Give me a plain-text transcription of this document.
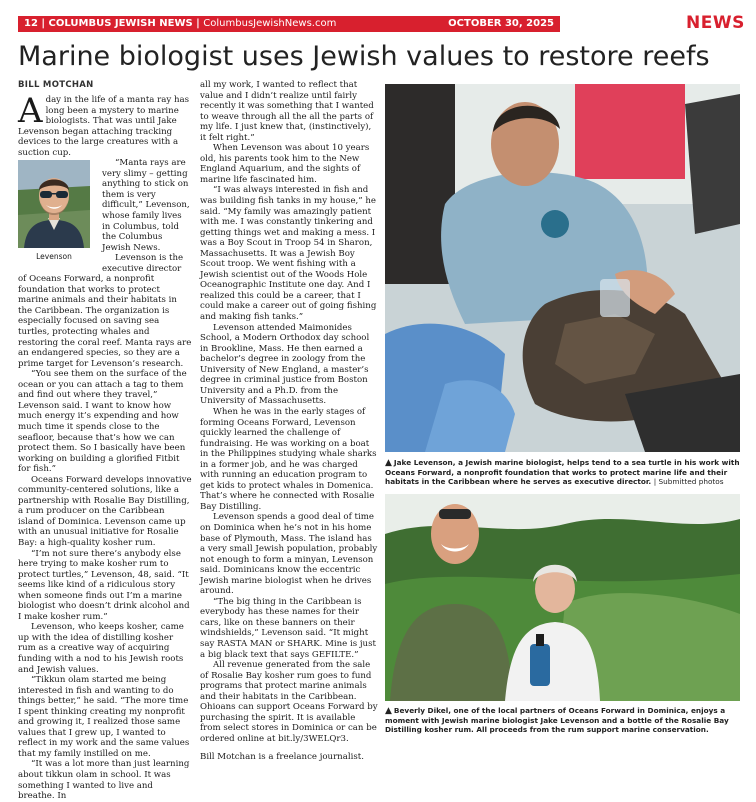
12 | COLUMBUS JEWISH NEWS | ColumbusJewishNews.com	OCTOBER 30, 2025	NEWS
Marine biologist uses Jewish values to restore reefs
BILL MOTCHAN
A day in the life of a manta ray has long been a mystery to marine biologists. That was until Jake Levenson began attaching tracking devices to the large creatures with a suction cup.

Levenson

“Manta rays are very slimy – getting anything to stick on them is very difficult,” Levenson, whose family lives in Columbus, told the Columbus Jewish News.

Levenson is the executive director of Oceans Forward, a nonprofit foundation that works to protect marine animals and their habitats in the Caribbean. The organization is especially focused on saving sea turtles, protecting whales and restoring the coral reef. Manta rays are an endangered species, so they are a prime target for Levenson’s research.

“You see them on the surface of the ocean or you can attach a tag to them and find out where they travel,” Levenson said. I want to know how much energy it’s expending and how much time it spends close to the seafloor, because that’s how we can protect them. So I basically have been working on building a glorified Fitbit for fish.”

Oceans Forward develops innovative community-centered solutions, like a partnership with Rosalie Bay Distilling, a rum producer on the Caribbean island of Dominica. Levenson came up with an unusual initiative for Rosalie Bay: a high-quality kosher rum.

“I’m not sure there’s anybody else here trying to make kosher rum to protect turtles,” Levenson, 48, said. “It seems like kind of a ridiculous story when someone finds out I’m a marine biologist who doesn’t drink alcohol and I make kosher rum.”

Levenson, who keeps kosher, came up with the idea of distilling kosher rum as a creative way of acquiring funding with a nod to his Jewish roots and Jewish values.

“Tikkun olam started me being interested in fish and wanting to do things better,” he said. “The more time I spent thinking creating my nonprofit and growing it, I realized those same values that I grew up, I wanted to reflect in my work and the same values that my family instilled on me.

“It was a lot more than just learning about tikkun olam in school. It was something I wanted to live and breathe. In

all my work, I wanted to reflect that value and I didn’t realize until fairly recently it was something that I wanted to weave through all the all the parts of my life. I just knew that, (instinctively), it felt right.”

When Levenson was about 10 years old, his parents took him to the New England Aquarium, and the sights of marine life fascinated him.

“I was always interested in fish and was building fish tanks in my house,” he said. “My family was amazingly patient with me. I was constantly tinkering and getting things wet and making a mess. I was a Boy Scout in Troop 54 in Sharon, Massachusetts. It was a Jewish Boy Scout troop. We went fishing with a Jewish scientist out of the Woods Hole Oceanographic Institute one day. And I realized this could be a career, that I could make a career out of going fishing and making fish tanks.”

Levenson attended Maimonides School, a Modern Orthodox day school in Brookline, Mass. He then earned a bachelor’s degree in zoology from the University of New England, a master’s degree in criminal justice from Boston University and a Ph.D. from the University of Massachusetts.

When he was in the early stages of forming Oceans Forward, Levenson quickly learned the challenge of fundraising. He was working on a boat in the Philippines studying whale sharks in a former job, and he was charged with running an education program to get kids to protect whales in Domenica. That’s where he connected with Rosalie Bay Distilling.

Levenson spends a good deal of time on Dominica when he’s not in his home base of Plymouth, Mass. The island has a very small Jewish population, probably not enough to form a minyan, Levenson said. Dominicans know the eccentric Jewish marine biologist when he drives around.

“The big thing in the Caribbean is everybody has these names for their cars, like on these banners on their windshields,” Levenson said. “It might say RASTA MAN or SHARK. Mine is just a big black text that says GEFILTE.”

All revenue generated from the sale of Rosalie Bay kosher rum goes to fund programs that protect marine animals and their habitats in the Caribbean. Ohioans can support Oceans Forward by purchasing the spirit. It is available from select stores in Dominica or can be ordered online at bit.ly/3WELQr3.

Bill Motchan is a freelance journalist.
▲ Jake Levenson, a Jewish marine biologist, helps tend to a sea turtle in his work with Oceans Forward, a nonprofit foundation that works to protect marine life and their habitats in the Caribbean where he serves as executive director. | Submitted photos
▲ Beverly Dikel, one of the local partners of Oceans Forward in Dominica, enjoys a moment with Jewish marine biologist Jake Levenson and a bottle of the Rosalie Bay Distilling kosher rum. All proceeds from the rum support marine conservation.
